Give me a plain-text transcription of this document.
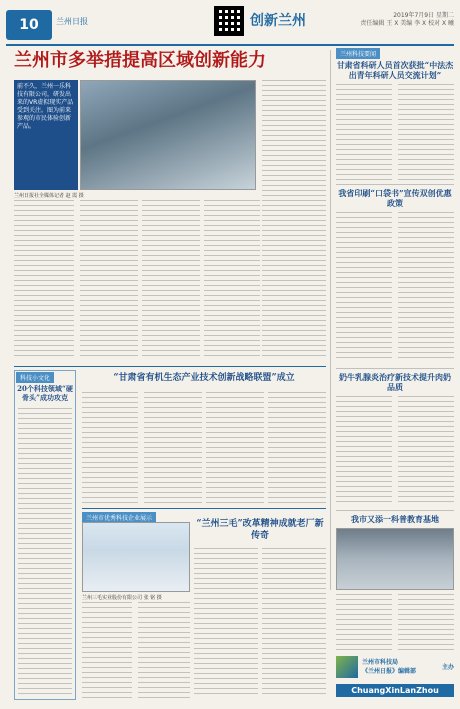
10 兰州日报	创新兰州	2019年7月9日 星期二
责任编辑 王 X 美编 李 X 校对 X 曦
兰州市多举措提高区域创新能力
前不久，兰州一乐科技有限公司，研发出来的VR虚拟现实产品受到关注。图为前来参观的市民体验创新产品。
兰州日报社全媒体记者 赵 霞 摄
兰州科技要闻
甘肃省科研人员首次获批“中法杰出青年科研人员交流计划”
我省印刷“口袋书”宣传双创优惠政策
奶牛乳腺炎治疗新技术提升肉奶品质
我市又添一科普教育基地
科技小文化
20个科技领域“硬骨头”成功攻克
“甘肃省有机生态产业技术创新战略联盟”成立
兰州市优秀科技企业展示
兰州三毛实业股份有限公司 张 铭 摄
“兰州三毛”改革精神成就老厂新传奇
兰州市科技局
《兰州日报》编辑部
主办
ChuangXinLanZhou
